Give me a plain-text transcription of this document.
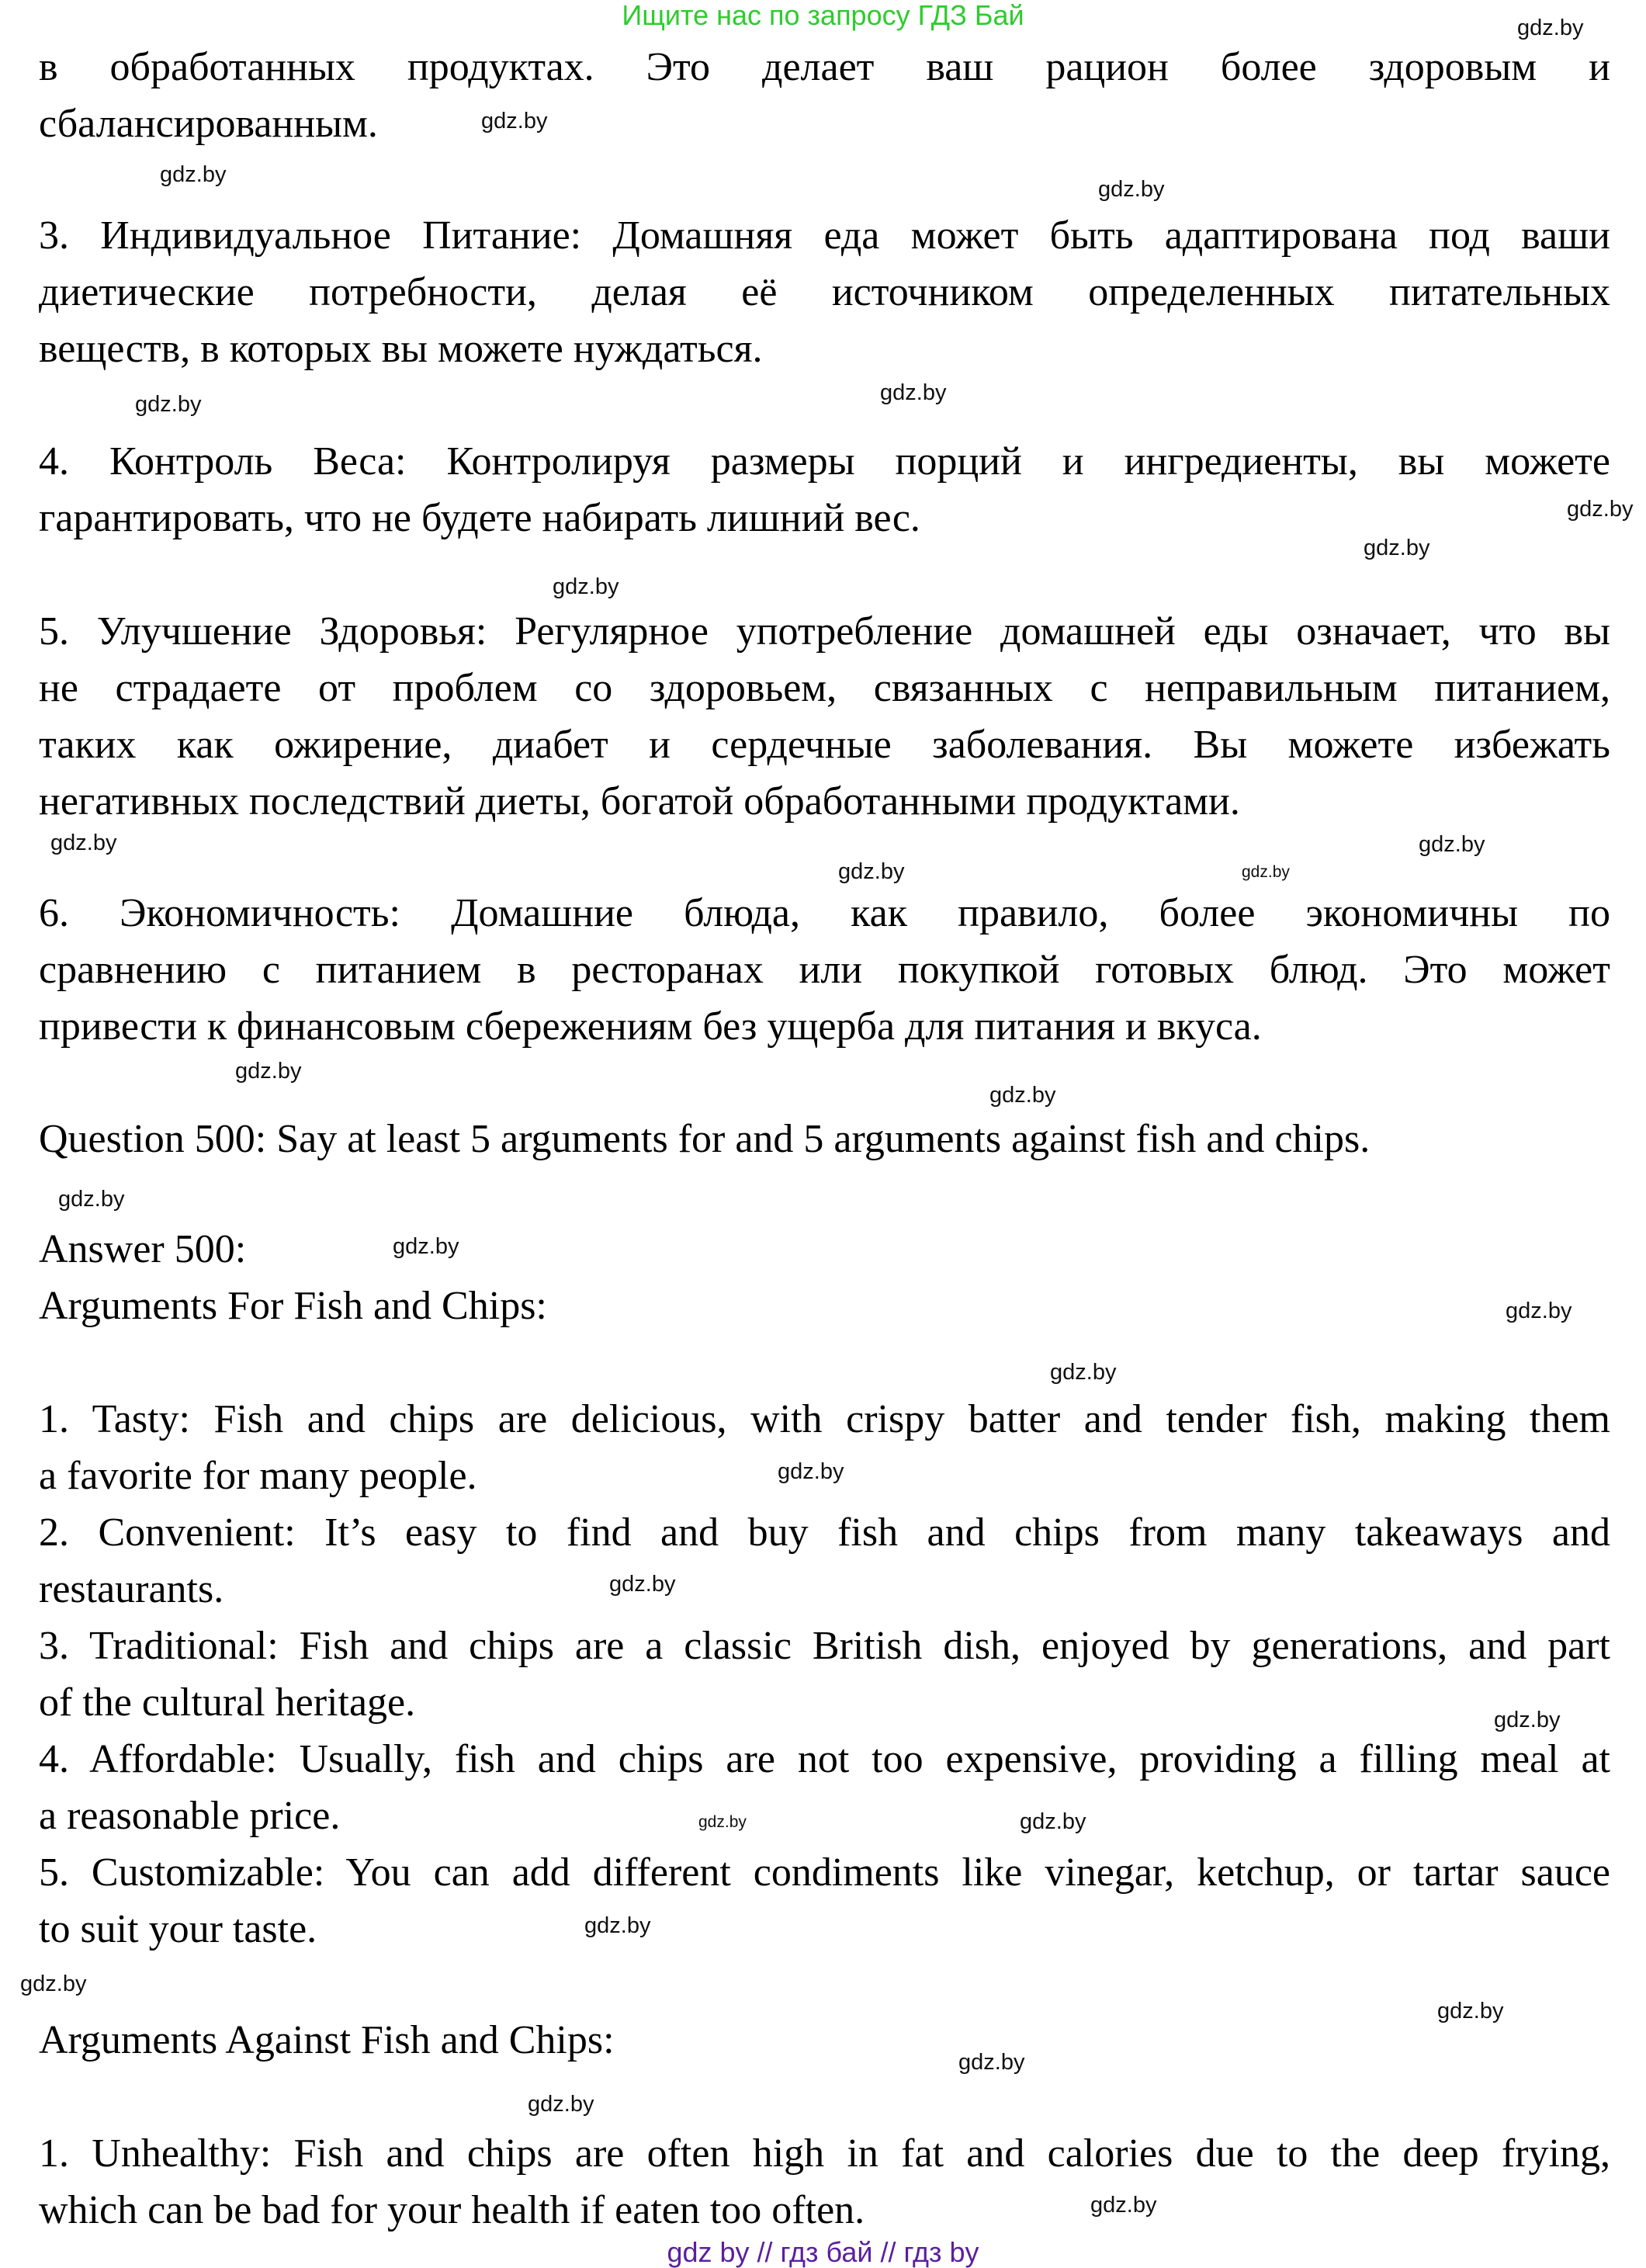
Ищите нас по запросу ГДЗ Бай
в обработанных продуктах. Это делает ваш рацион более здоровым и
сбалансированным.
3. Индивидуальное Питание: Домашняя еда может быть адаптирована под ваши
диетические потребности, делая её источником определенных питательных
веществ, в которых вы можете нуждаться.
4. Контроль Веса: Контролируя размеры порций и ингредиенты, вы можете
гарантировать, что не будете набирать лишний вес.
5. Улучшение Здоровья: Регулярное употребление домашней еды означает, что вы
не страдаете от проблем со здоровьем, связанных с неправильным питанием,
таких как ожирение, диабет и сердечные заболевания. Вы можете избежать
негативных последствий диеты, богатой обработанными продуктами.
6. Экономичность: Домашние блюда, как правило, более экономичны по
сравнению с питанием в ресторанах или покупкой готовых блюд. Это может
привести к финансовым сбережениям без ущерба для питания и вкуса.
Question 500: Say at least 5 arguments for and 5 arguments against fish and chips.
Answer 500:
Arguments For Fish and Chips:
1. Tasty: Fish and chips are delicious, with crispy batter and tender fish, making them
a favorite for many people.
2. Convenient: It’s easy to find and buy fish and chips from many takeaways and
restaurants.
3. Traditional: Fish and chips are a classic British dish, enjoyed by generations, and part
of the cultural heritage.
4. Affordable: Usually, fish and chips are not too expensive, providing a filling meal at
a reasonable price.
5. Customizable: You can add different condiments like vinegar, ketchup, or tartar sauce
to suit your taste.
Arguments Against Fish and Chips:
1. Unhealthy: Fish and chips are often high in fat and calories due to the deep frying,
which can be bad for your health if eaten too often.
gdz.by
gdz.by
gdz.by
gdz.by
gdz.by
gdz.by
gdz.by
gdz.by
gdz.by
gdz.by
gdz.by
gdz.by
gdz.by
gdz.by
gdz.by
gdz.by
gdz.by
gdz.by
gdz.by
gdz.by
gdz.by
gdz.by
gdz.by	gdz.by
gdz.by
gdz.by
gdz.by
gdz.by
gdz.by
gdz.by
gdz by // гдз бай // гдз by
